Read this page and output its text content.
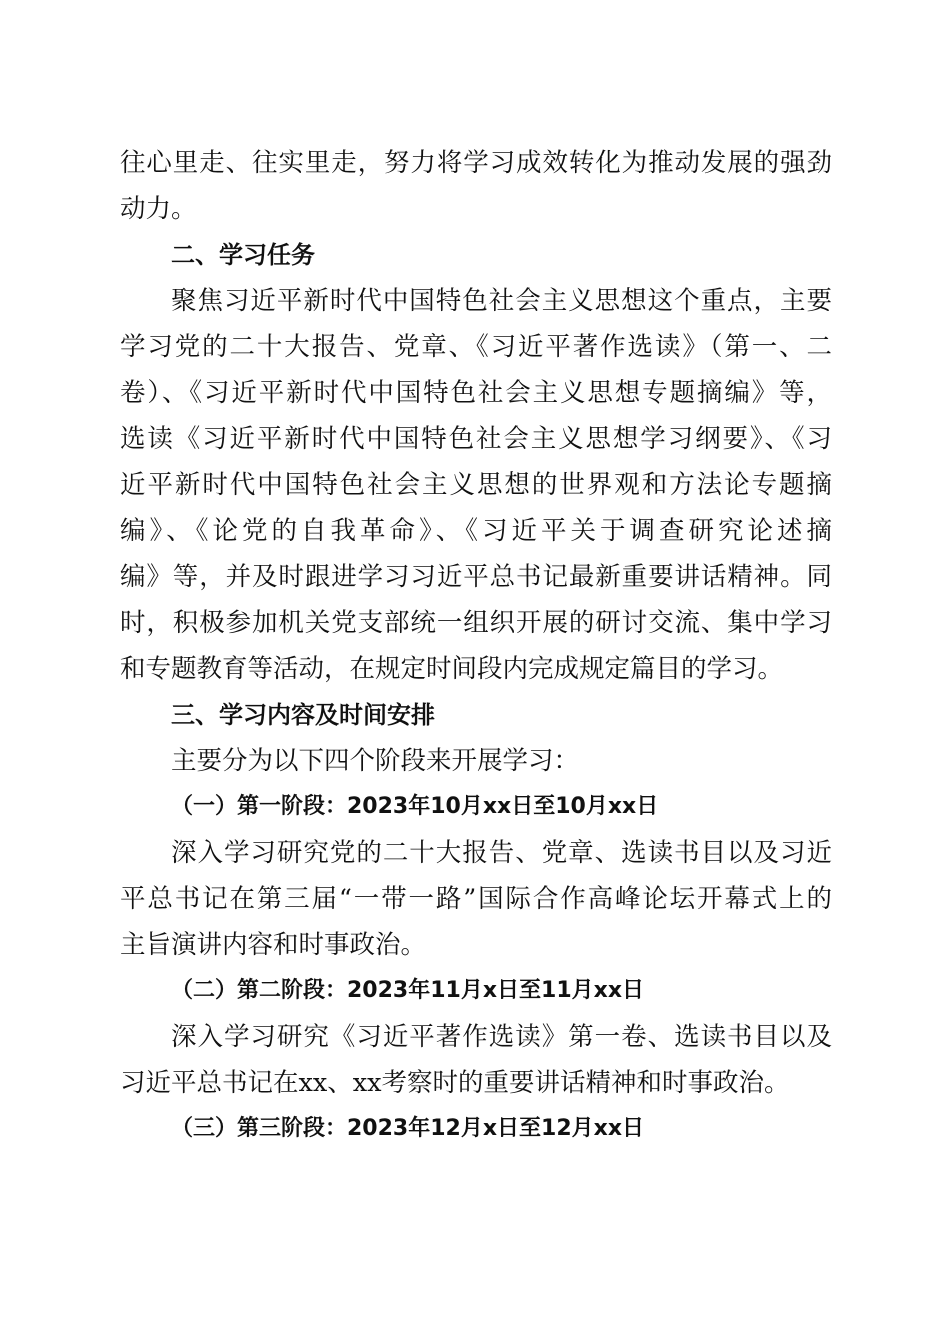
往心里走、往实里走，努力将学习成效转化为推动发展的强劲
动力。
二、学习任务
聚焦习近平新时代中国特色社会主义思想这个重点，主要
学习党的二十大报告、党章、《习近平著作选读》（第一、二
卷）、《习近平新时代中国特色社会主义思想专题摘编》等，
选读《习近平新时代中国特色社会主义思想学习纲要》、《习
近平新时代中国特色社会主义思想的世界观和方法论专题摘
编》、《论党的自我革命》、《习近平关于调查研究论述摘
编》等，并及时跟进学习习近平总书记最新重要讲话精神。同
时，积极参加机关党支部统一组织开展的研讨交流、集中学习
和专题教育等活动，在规定时间段内完成规定篇目的学习。
三、学习内容及时间安排
主要分为以下四个阶段来开展学习：
（一）第一阶段：2023年10月xx日至10月xx日
深入学习研究党的二十大报告、党章、选读书目以及习近
平总书记在第三届“一带一路”国际合作高峰论坛开幕式上的
主旨演讲内容和时事政治。
（二）第二阶段：2023年11月x日至11月xx日
深入学习研究《习近平著作选读》第一卷、选读书目以及
习近平总书记在xx、xx考察时的重要讲话精神和时事政治。
（三）第三阶段：2023年12月x日至12月xx日
